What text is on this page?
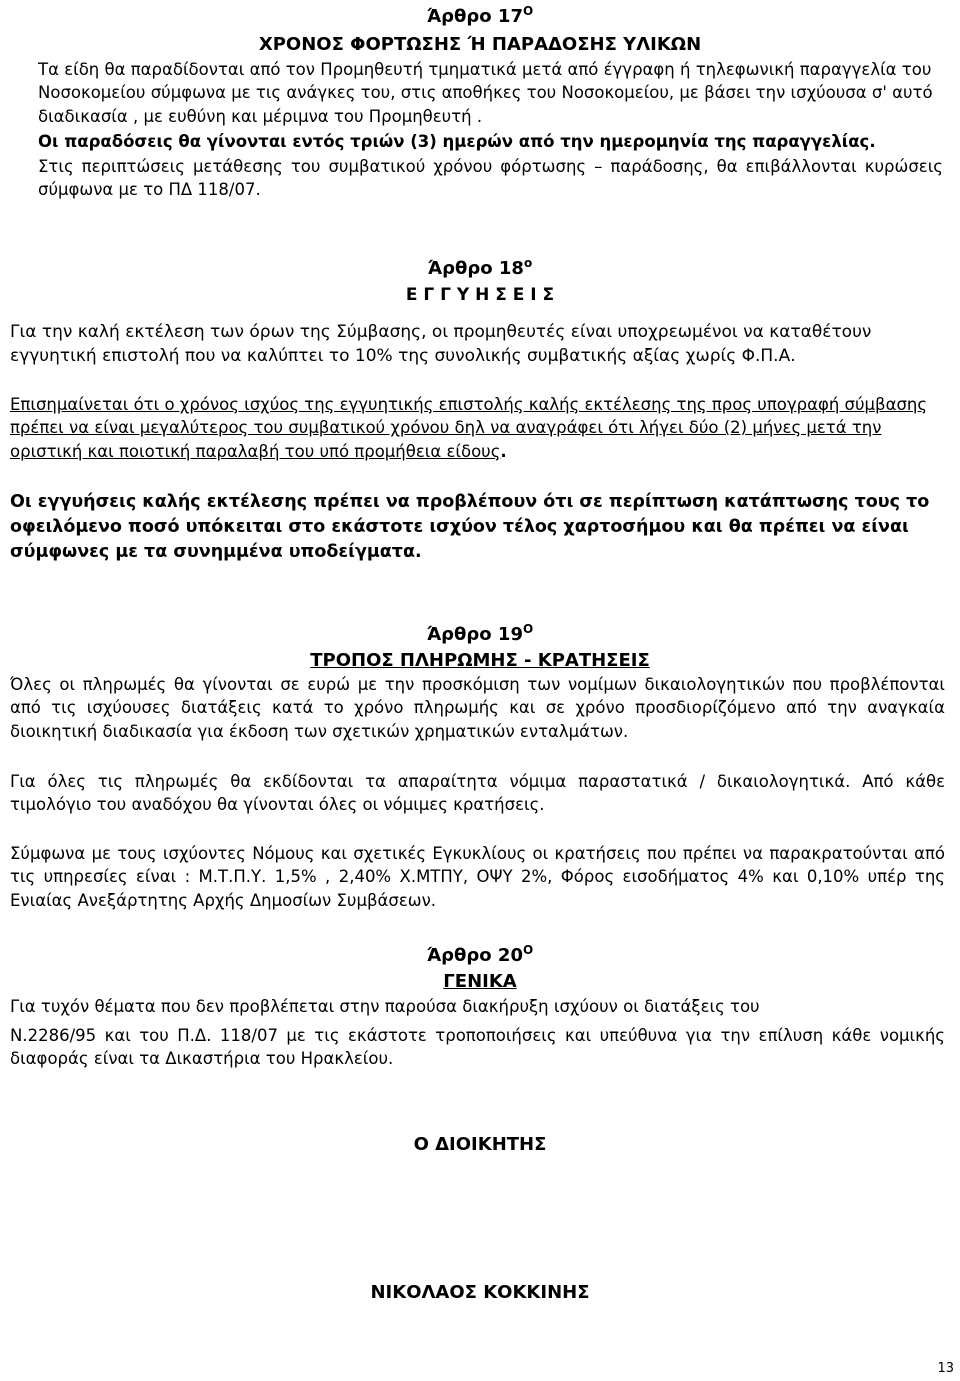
Άρθρο $17^O$
ΧΡΟΝΟΣ ΦΟΡΤΩΣΗΣ Ή ΠΑΡΑΔΟΣΗΣ ΥΛΙΚΩΝ

Τα είδη θα παραδίδονται από τον Προμηθευτή τμηματικά μετά από έγγραφη ή τηλεφωνική παραγγελία του Νοσοκομείου σύμφωνα με τις ανάγκες του, στις αποθήκες του Νοσοκομείου, με βάσει την ισχύουσα σ' αυτό διαδικασία , με ευθύνη και μέριμνα του Προμηθευτή .

Οι παραδόσεις θα γίνονται εντός τριών (3) ημερών από την ημερομηνία της παραγγελίας.

Στις περιπτώσεις μετάθεσης του συμβατικού χρόνου φόρτωσης – παράδοσης, θα επιβάλλονται κυρώσεις σύμφωνα με το ΠΔ 118/07.

Άρθρο $18^o$
Ε Γ Γ Υ Η Σ Ε Ι Σ

Για την καλή εκτέλεση των όρων της Σύμβασης, οι προμηθευτές είναι υποχρεωμένοι να καταθέτουν εγγυητική επιστολή που να καλύπτει το 10% της συνολικής συμβατικής αξίας χωρίς Φ.Π.Α.

Επισημαίνεται ότι ο χρόνος ισχύος της εγγυητικής επιστολής καλής εκτέλεσης της προς υπογραφή σύμβασης πρέπει να είναι μεγαλύτερος του συμβατικού χρόνου δηλ να αναγράφει ότι λήγει δύο (2) μήνες μετά την οριστική και ποιοτική παραλαβή του υπό προμήθεια είδους.

Οι εγγυήσεις καλής εκτέλεσης πρέπει να προβλέπουν ότι σε περίπτωση κατάπτωσης τους το οφειλόμενο ποσό υπόκειται στο εκάστοτε ισχύον τέλος χαρτοσήμου και θα πρέπει να είναι σύμφωνες με τα συνημμένα υποδείγματα.

Άρθρο $19^O$
ΤΡΟΠΟΣ ΠΛΗΡΩΜΗΣ - ΚΡΑΤΗΣΕΙΣ

Όλες οι πληρωμές θα γίνονται σε ευρώ με την προσκόμιση των νομίμων δικαιολογητικών που προβλέπονται από τις ισχύουσες διατάξεις κατά το χρόνο πληρωμής και σε χρόνο προσδιορίζόμενο από την αναγκαία διοικητική διαδικασία για έκδοση των σχετικών χρηματικών ενταλμάτων.

Για όλες τις πληρωμές θα εκδίδονται τα απαραίτητα νόμιμα παραστατικά / δικαιολογητικά. Από κάθε τιμολόγιο του αναδόχου θα γίνονται όλες οι νόμιμες κρατήσεις.

Σύμφωνα με τους ισχύοντες Νόμους και σχετικές Εγκυκλίους οι κρατήσεις που πρέπει να παρακρατούνται από τις υπηρεσίες είναι : Μ.Τ.Π.Υ. 1,5% , 2,40% Χ.ΜΤΠΥ, ΟΨΥ 2%, Φόρος εισοδήματος 4% και 0,10% υπέρ της Ενιαίας Ανεξάρτητης Αρχής Δημοσίων Συμβάσεων.

Άρθρο $20^O$
ΓΕΝΙΚΑ

Για τυχόν θέματα που δεν προβλέπεται στην παρούσα διακήρυξη ισχύουν οι διατάξεις του

Ν.2286/95 και του Π.Δ. 118/07 με τις εκάστοτε τροποποιήσεις και υπεύθυνα για την επίλυση κάθε νομικής διαφοράς είναι τα Δικαστήρια του Ηρακλείου.

Ο ΔΙΟΙΚΗΤΗΣ
ΝΙΚΟΛΑΟΣ ΚΟΚΚΙΝΗΣ
13
